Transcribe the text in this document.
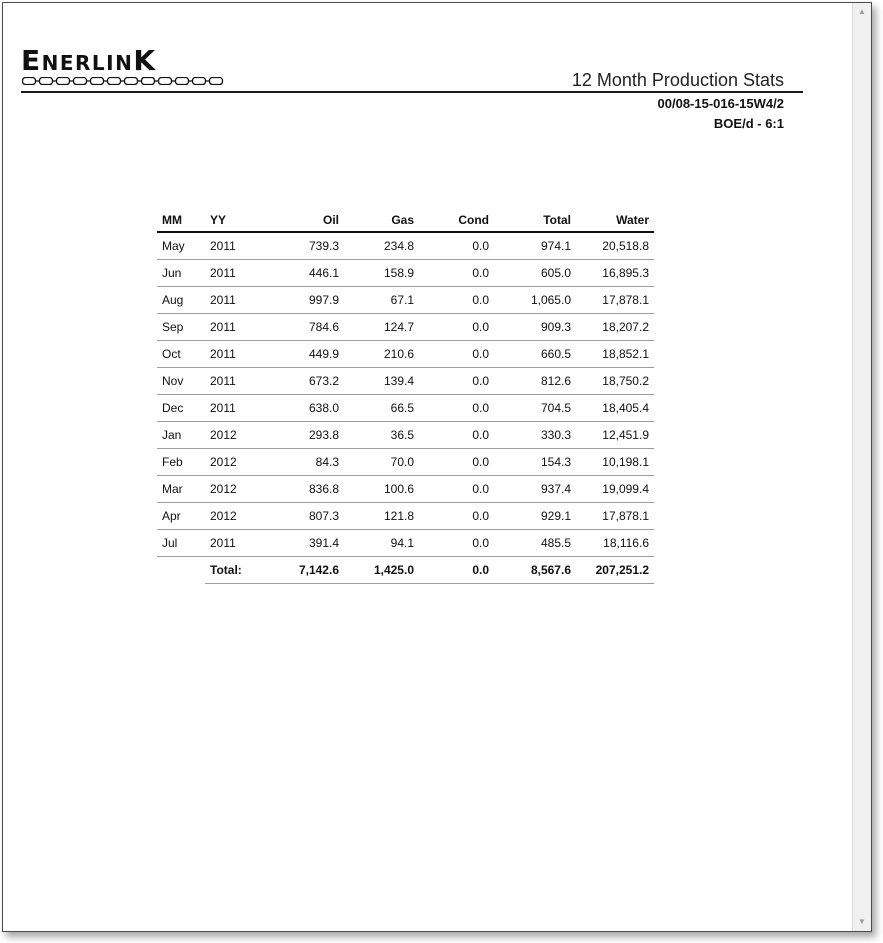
EnerlinK
12 Month Production Stats
00/08-15-016-15W4/2
BOE/d - 6:1
MM	YY	Oil	Gas	Cond	Total	Water
May	2011	739.3	234.8	0.0	974.1	20,518.8
Jun	2011	446.1	158.9	0.0	605.0	16,895.3
Aug	2011	997.9	67.1	0.0	1,065.0	17,878.1
Sep	2011	784.6	124.7	0.0	909.3	18,207.2
Oct	2011	449.9	210.6	0.0	660.5	18,852.1
Nov	2011	673.2	139.4	0.0	812.6	18,750.2
Dec	2011	638.0	66.5	0.0	704.5	18,405.4
Jan	2012	293.8	36.5	0.0	330.3	12,451.9
Feb	2012	84.3	70.0	0.0	154.3	10,198.1
Mar	2012	836.8	100.6	0.0	937.4	19,099.4
Apr	2012	807.3	121.8	0.0	929.1	17,878.1
Jul	2011	391.4	94.1	0.0	485.5	18,116.6
	Total:	7,142.6	1,425.0	0.0	8,567.6	207,251.2
▲
▼
